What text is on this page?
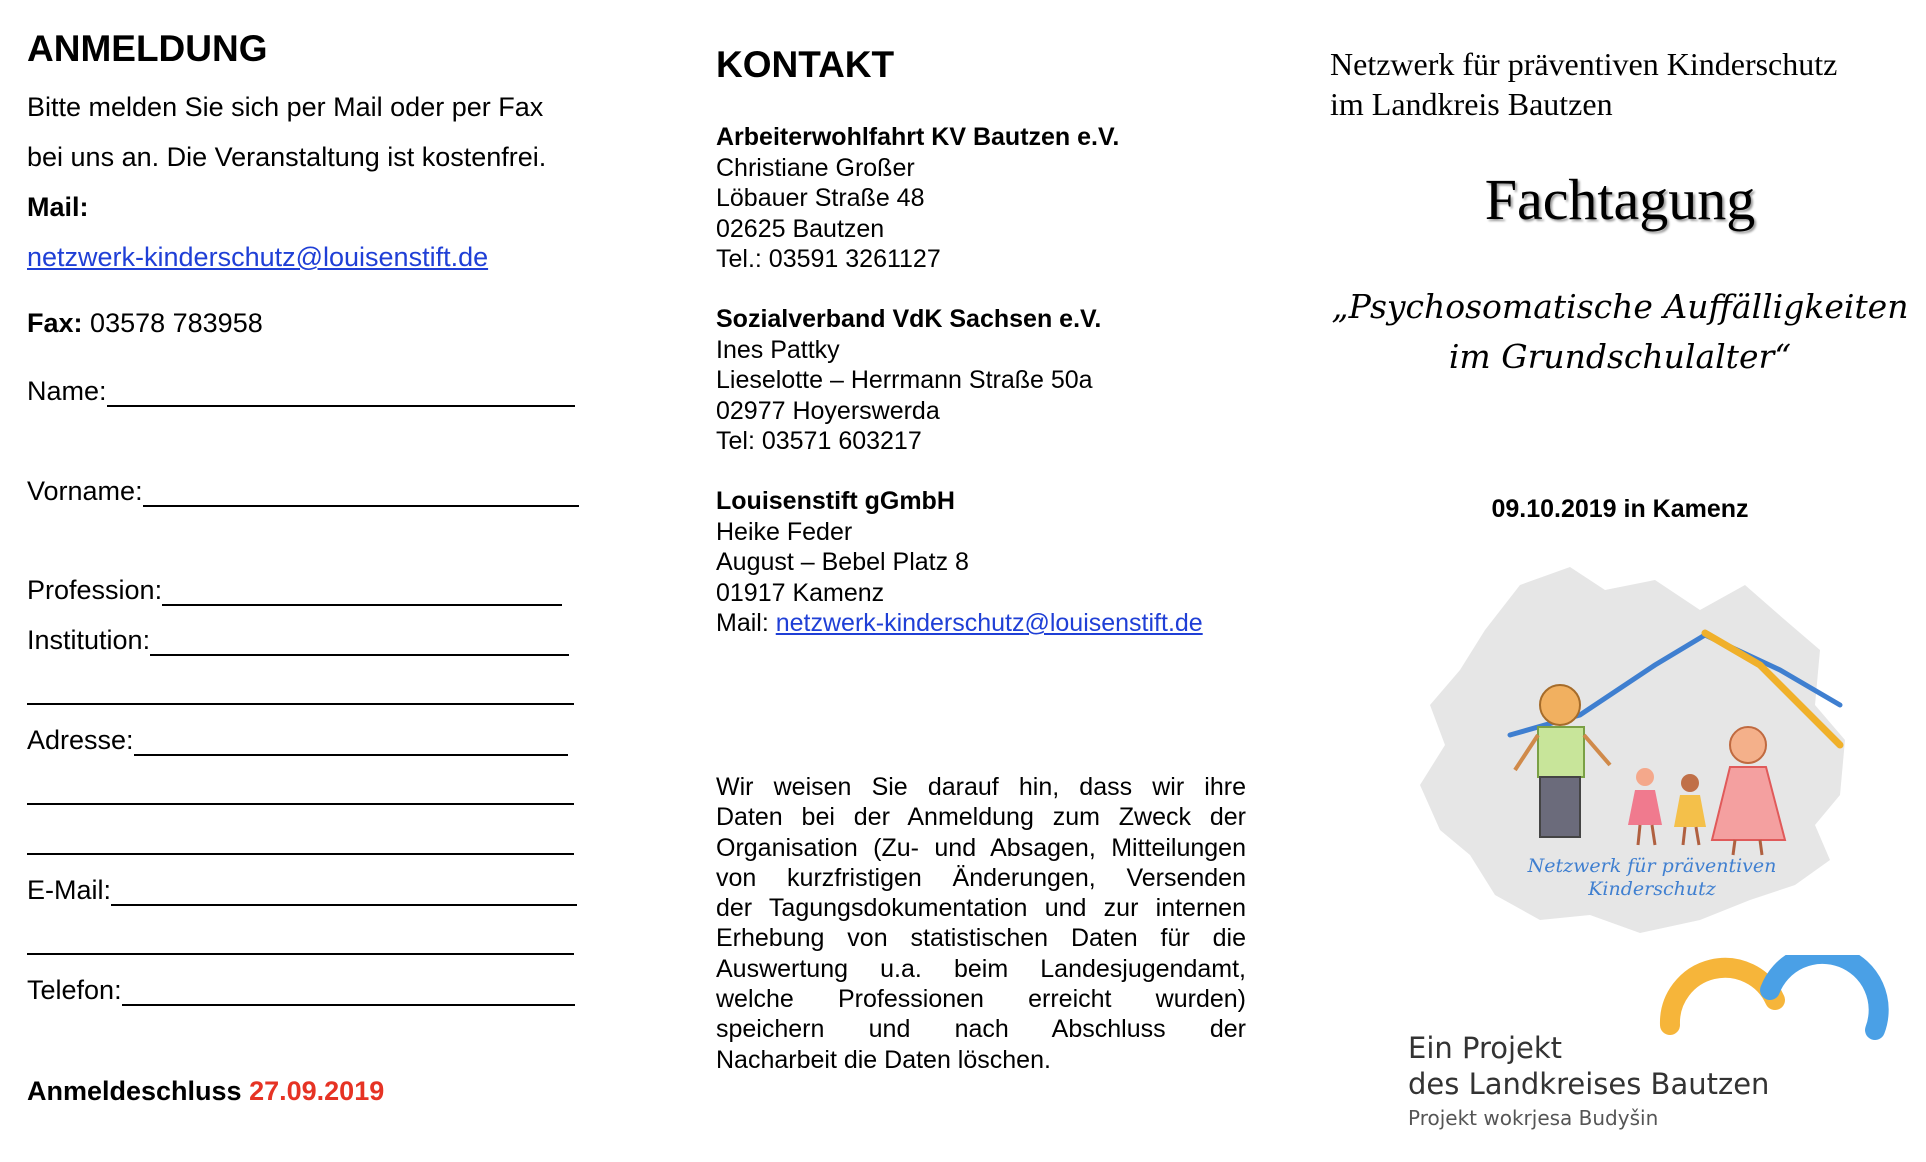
ANMELDUNG
Bitte melden Sie sich per Mail oder per Fax
bei uns an. Die Veranstaltung ist kostenfrei.
Mail:
netzwerk-kinderschutz@louisenstift.de
Fax: 03578 783958
Name:
Vorname:
Profession:
Institution:
Adresse:
E-Mail:
Telefon:
Anmeldeschluss 27.09.2019
KONTAKT
Arbeiterwohlfahrt KV Bautzen e.V.
Christiane Großer
Löbauer Straße 48
02625 Bautzen
Tel.: 03591 3261127
Sozialverband VdK Sachsen e.V.
Ines Pattky
Lieselotte – Herrmann Straße 50a
02977 Hoyerswerda
Tel: 03571 603217
Louisenstift gGmbH
Heike Feder
August – Bebel Platz 8
01917 Kamenz
Mail: netzwerk-kinderschutz@louisenstift.de
Wir weisen Sie darauf hin, dass wir ihre
Daten bei der Anmeldung zum Zweck der
Organisation (Zu- und Absagen, Mitteilungen
von kurzfristigen Änderungen, Versenden
der Tagungsdokumentation und zur internen
Erhebung von statistischen Daten für die
Auswertung u.a. beim Landesjugendamt,
welche Professionen erreicht wurden)
speichern und nach Abschluss der
Nacharbeit die Daten löschen.
Netzwerk für präventiven Kinderschutz
im Landkreis Bautzen
Fachtagung
„Psychosomatische Auffälligkeiten
im Grundschulalter“
09.10.2019 in Kamenz
Netzwerk für präventiven
Kinderschutz
Ein Projekt
des Landkreises Bautzen
Projekt wokrjesa Budyšin
